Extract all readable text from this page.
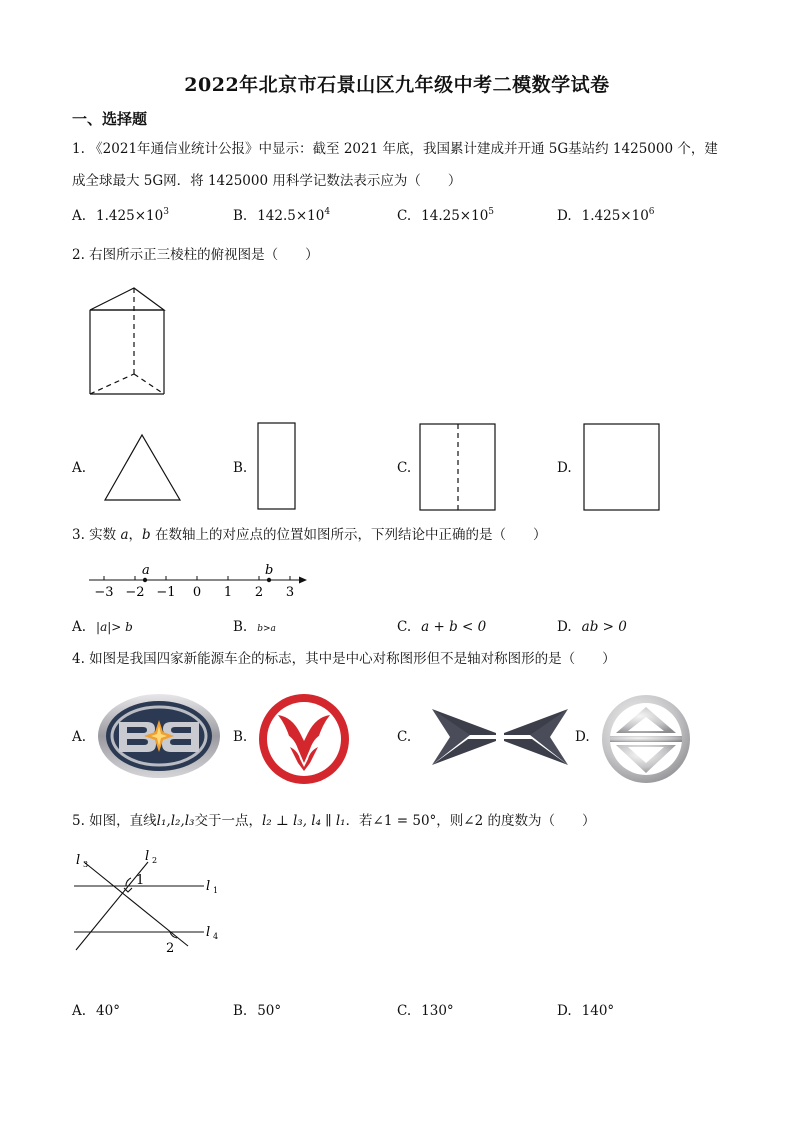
2022年北京市石景山区九年级中考二模数学试卷
一、选择题
1. 《2021年通信业统计公报》中显示：截至 2021 年底，我国累计建成并开通 5G基站约 1425000 个，建
成全球最大 5G网．将 1425000 用科学记数法表示应为（　　）
A. $1.425\times 10^3$	B. $142.5\times 10^4$	C. $14.25\times 10^5$	D. $1.425\times 10^6$
2. 右图所示正三棱柱的俯视图是（　　）
A.	B.	C.	D.
3. 实数 a，b 在数轴上的对应点的位置如图所示，下列结论中正确的是（　　）
−3 −2 −1 0 1 2 3
a	b
A. |a|> b	B. b>a	C. a + b < 0	D. ab > 0
4. 如图是我国四家新能源车企的标志，其中是中心对称图形但不是轴对称图形的是（　　）
A.	B.	C.	D.
5. 如图，直线l₁,l₂,l₃交于一点，l₂ ⊥ l₃, l₄ ∥ l₁．若∠1 = 50°，则∠2 的度数为（　　）
l 3
l 2
l 1
l 4
1
2
A. 40°	B. 50°	C. 130°	D. 140°
